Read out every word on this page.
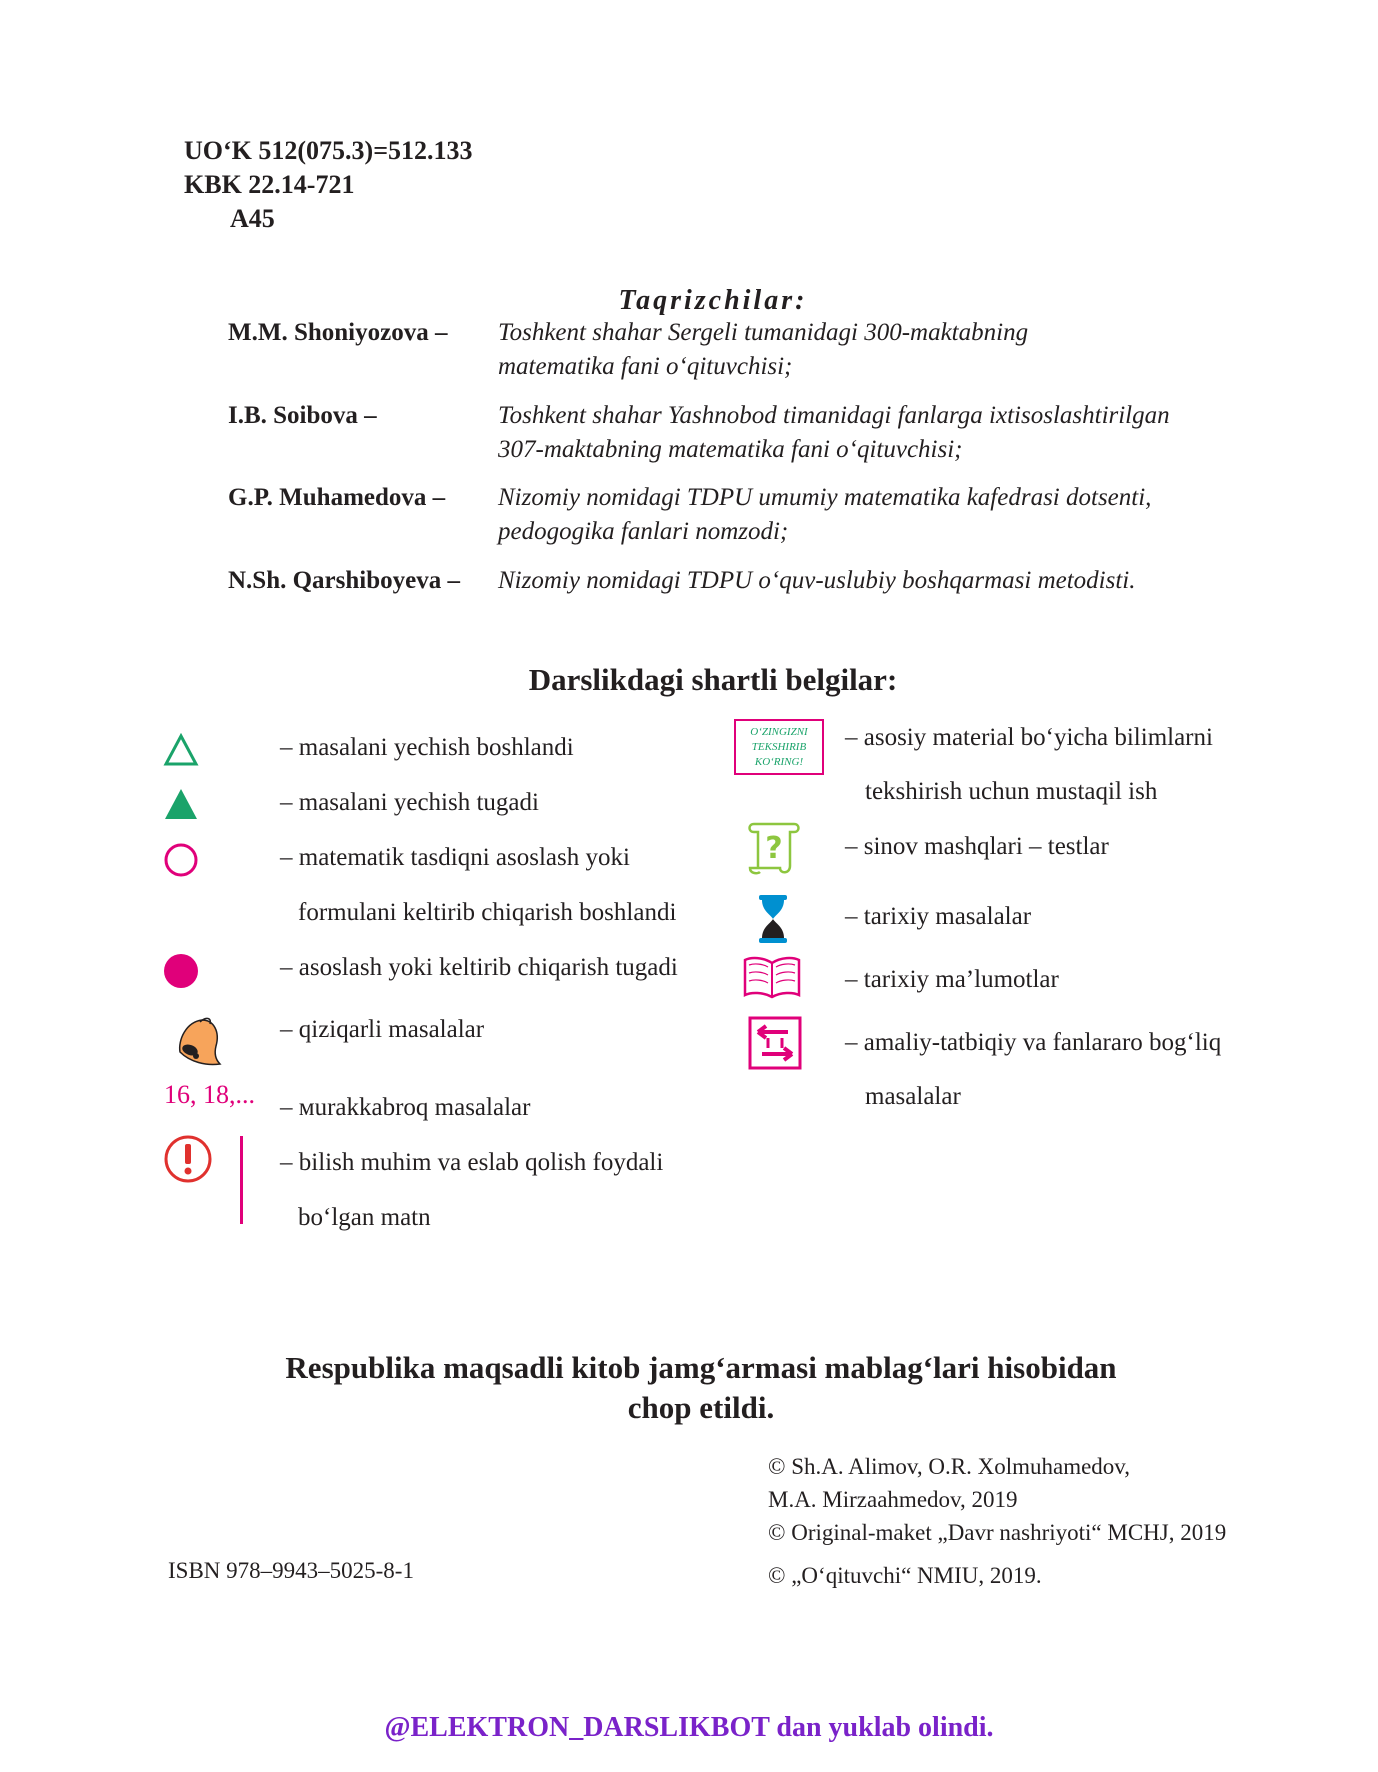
UO‘K 512(075.3)=512.133
KBK 22.14-721
A45
Taqrizchilar:
M.M. Shoniyozova – Toshkent shahar Sergeli tumanidagi 300-maktabning
matematika fani o‘qituvchisi;
I.B. Soibova –	Toshkent shahar Yashnobod timanidagi fanlarga ixtisoslashtirilgan
307-maktabning matematika fani o‘qituvchisi;
G.P. Muhamedova – Nizomiy nomidagi TDPU umumiy matematika kafedrasi dotsenti,
pedogogika fanlari nomzodi;
N.Sh. Qarshiboyeva – Nizomiy nomidagi TDPU o‘quv-uslubiy boshqarmasi metodisti.
Darslikdagi shartli belgilar:
16, 18,...
– masalani yechish boshlandi
– masalani yechish tugadi
– matematik tasdiqni asoslash yoki
formulani keltirib chiqarish boshlandi
– asoslash yoki keltirib chiqarish tugadi
– qiziqarli masalalar
– мurakkabroq masalalar
– bilish muhim va eslab qolish foydali
bo‘lgan matn
O‘ZINGIZNI
TEKSHIRIB
KO‘RING!
?
– asosiy material bo‘yicha bilimlarni
tekshirish uchun mustaqil ish
– sinov mashqlari – testlar
– tarixiy masalalar
– tarixiy ma’lumotlar
– amaliy-tatbiqiy va fanlararo bog‘liq
masalalar
Respublika maqsadli kitob jamg‘armasi mablag‘lari hisobidan
chop etildi.
© Sh.A. Alimov, O.R. Xolmuhamedov,
M.A. Mirzaahmedov, 2019
© Original-maket „Davr nashriyoti“ MCHJ, 2019
© „O‘qituvchi“ NMIU, 2019.
ISBN 978–9943–5025-8-1
@ELEKTRON_DARSLIKBOT dan yuklab olindi.
